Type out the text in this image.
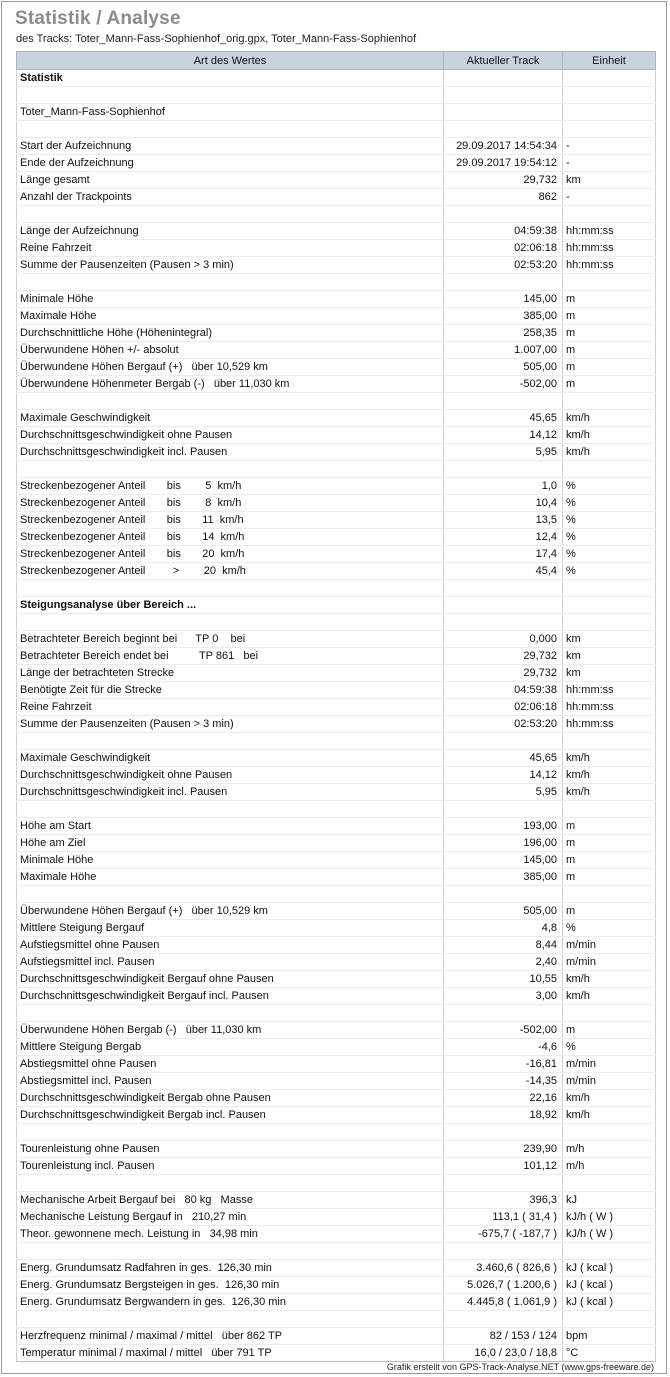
Statistik / Analyse
des Tracks: Toter_Mann-Fass-Sophienhof_orig.gpx, Toter_Mann-Fass-Sophienhof
Art des Wertes	Aktueller Track	Einheit
Statistik		

Toter_Mann-Fass-Sophienhof		

Start der Aufzeichnung	29.09.2017 14:54:34	-
Ende der Aufzeichnung	29.09.2017 19:54:12	-
Länge gesamt	29,732	km
Anzahl der Trackpoints	862	-

Länge der Aufzeichnung	04:59:38	hh:mm:ss
Reine Fahrzeit	02:06:18	hh:mm:ss
Summe der Pausenzeiten (Pausen > 3 min)	02:53:20	hh:mm:ss

Minimale Höhe	145,00	m
Maximale Höhe	385,00	m
Durchschnittliche Höhe (Höhenintegral)	258,35	m
Überwundene Höhen +/- absolut	1.007,00	m
Überwundene Höhen Bergauf (+)   über 10,529 km	505,00	m
Überwundene Höhenmeter Bergab (-)   über 11,030 km	-502,00	m

Maximale Geschwindigkeit	45,65	km/h
Durchschnittsgeschwindigkeit ohne Pausen	14,12	km/h
Durchschnittsgeschwindigkeit incl. Pausen	5,95	km/h

Streckenbezogener Anteil       bis        5  km/h	1,0	%
Streckenbezogener Anteil       bis        8  km/h	10,4	%
Streckenbezogener Anteil       bis       11  km/h	13,5	%
Streckenbezogener Anteil       bis       14  km/h	12,4	%
Streckenbezogener Anteil       bis       20  km/h	17,4	%
Streckenbezogener Anteil         >        20  km/h	45,4	%

Steigungsanalyse über Bereich ...		

Betrachteter Bereich beginnt bei      TP 0    bei	0,000	km
Betrachteter Bereich endet bei          TP 861   bei	29,732	km
Länge der betrachteten Strecke	29,732	km
Benötigte Zeit für die Strecke	04:59:38	hh:mm:ss
Reine Fahrzeit	02:06:18	hh:mm:ss
Summe der Pausenzeiten (Pausen > 3 min)	02:53:20	hh:mm:ss

Maximale Geschwindigkeit	45,65	km/h
Durchschnittsgeschwindigkeit ohne Pausen	14,12	km/h
Durchschnittsgeschwindigkeit incl. Pausen	5,95	km/h

Höhe am Start	193,00	m
Höhe am Ziel	196,00	m
Minimale Höhe	145,00	m
Maximale Höhe	385,00	m

Überwundene Höhen Bergauf (+)   über 10,529 km	505,00	m
Mittlere Steigung Bergauf	4,8	%
Aufstiegsmittel ohne Pausen	8,44	m/min
Aufstiegsmittel incl. Pausen	2,40	m/min
Durchschnittsgeschwindigkeit Bergauf ohne Pausen	10,55	km/h
Durchschnittsgeschwindigkeit Bergauf incl. Pausen	3,00	km/h

Überwundene Höhen Bergab (-)   über 11,030 km	-502,00	m
Mittlere Steigung Bergab	-4,6	%
Abstiegsmittel ohne Pausen	-16,81	m/min
Abstiegsmittel incl. Pausen	-14,35	m/min
Durchschnittsgeschwindigkeit Bergab ohne Pausen	22,16	km/h
Durchschnittsgeschwindigkeit Bergab incl. Pausen	18,92	km/h

Tourenleistung ohne Pausen	239,90	m/h
Tourenleistung incl. Pausen	101,12	m/h

Mechanische Arbeit Bergauf bei   80 kg   Masse	396,3	kJ
Mechanische Leistung Bergauf in   210,27 min	113,1 ( 31,4 )	kJ/h ( W )
Theor. gewonnene mech. Leistung in   34,98 min	-675,7 ( -187,7 )	kJ/h ( W )

Energ. Grundumsatz Radfahren in ges.  126,30 min	3.460,6 ( 826,6 )	kJ ( kcal )
Energ. Grundumsatz Bergsteigen in ges.  126,30 min	5.026,7 ( 1.200,6 )	kJ ( kcal )
Energ. Grundumsatz Bergwandern in ges.  126,30 min	4.445,8 ( 1.061,9 )	kJ ( kcal )

Herzfrequenz minimal / maximal / mittel   über 862 TP	82 / 153 / 124	bpm
Temperatur minimal / maximal / mittel   über 791 TP	16,0 / 23,0 / 18,8	°C
Grafik erstellt von GPS-Track-Analyse.NET (www.gps-freeware.de)
